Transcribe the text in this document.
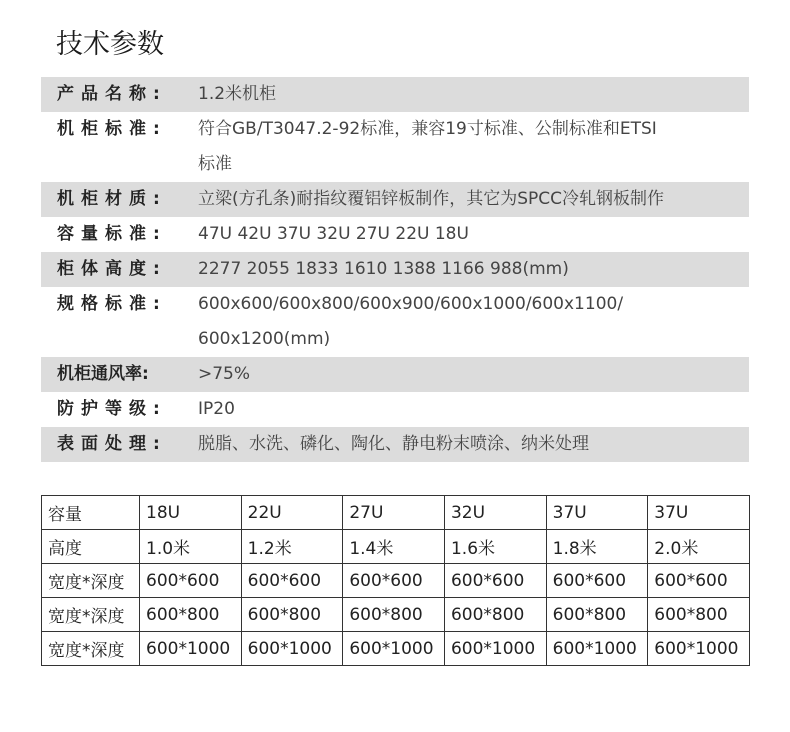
技术参数
产品名称:	1.2米机柜
机柜标准:	符合GB/T3047.2-92标准，兼容19寸标准、公制标准和ETSI
标准
机柜材质:	立梁(方孔条)耐指纹覆铝锌板制作，其它为SPCC冷轧钢板制作
容量标准:	47U 42U 37U 32U 27U 22U 18U
柜体高度:	2277 2055 1833 1610 1388 1166 988(mm)
规格标准:	600x600/600x800/600x900/600x1000/600x1100/
600x1200(mm)
机柜通风率:	>75%
防护等级:	IP20
表面处理:	脱脂、水洗、磷化、陶化、静电粉末喷涂、纳米处理
容量	18U	22U	27U	32U	37U	37U
高度	1.0米	1.2米	1.4米	1.6米	1.8米	2.0米
宽度*深度	600*600	600*600	600*600	600*600	600*600	600*600
宽度*深度	600*800	600*800	600*800	600*800	600*800	600*800
宽度*深度	600*1000	600*1000	600*1000	600*1000	600*1000	600*1000
